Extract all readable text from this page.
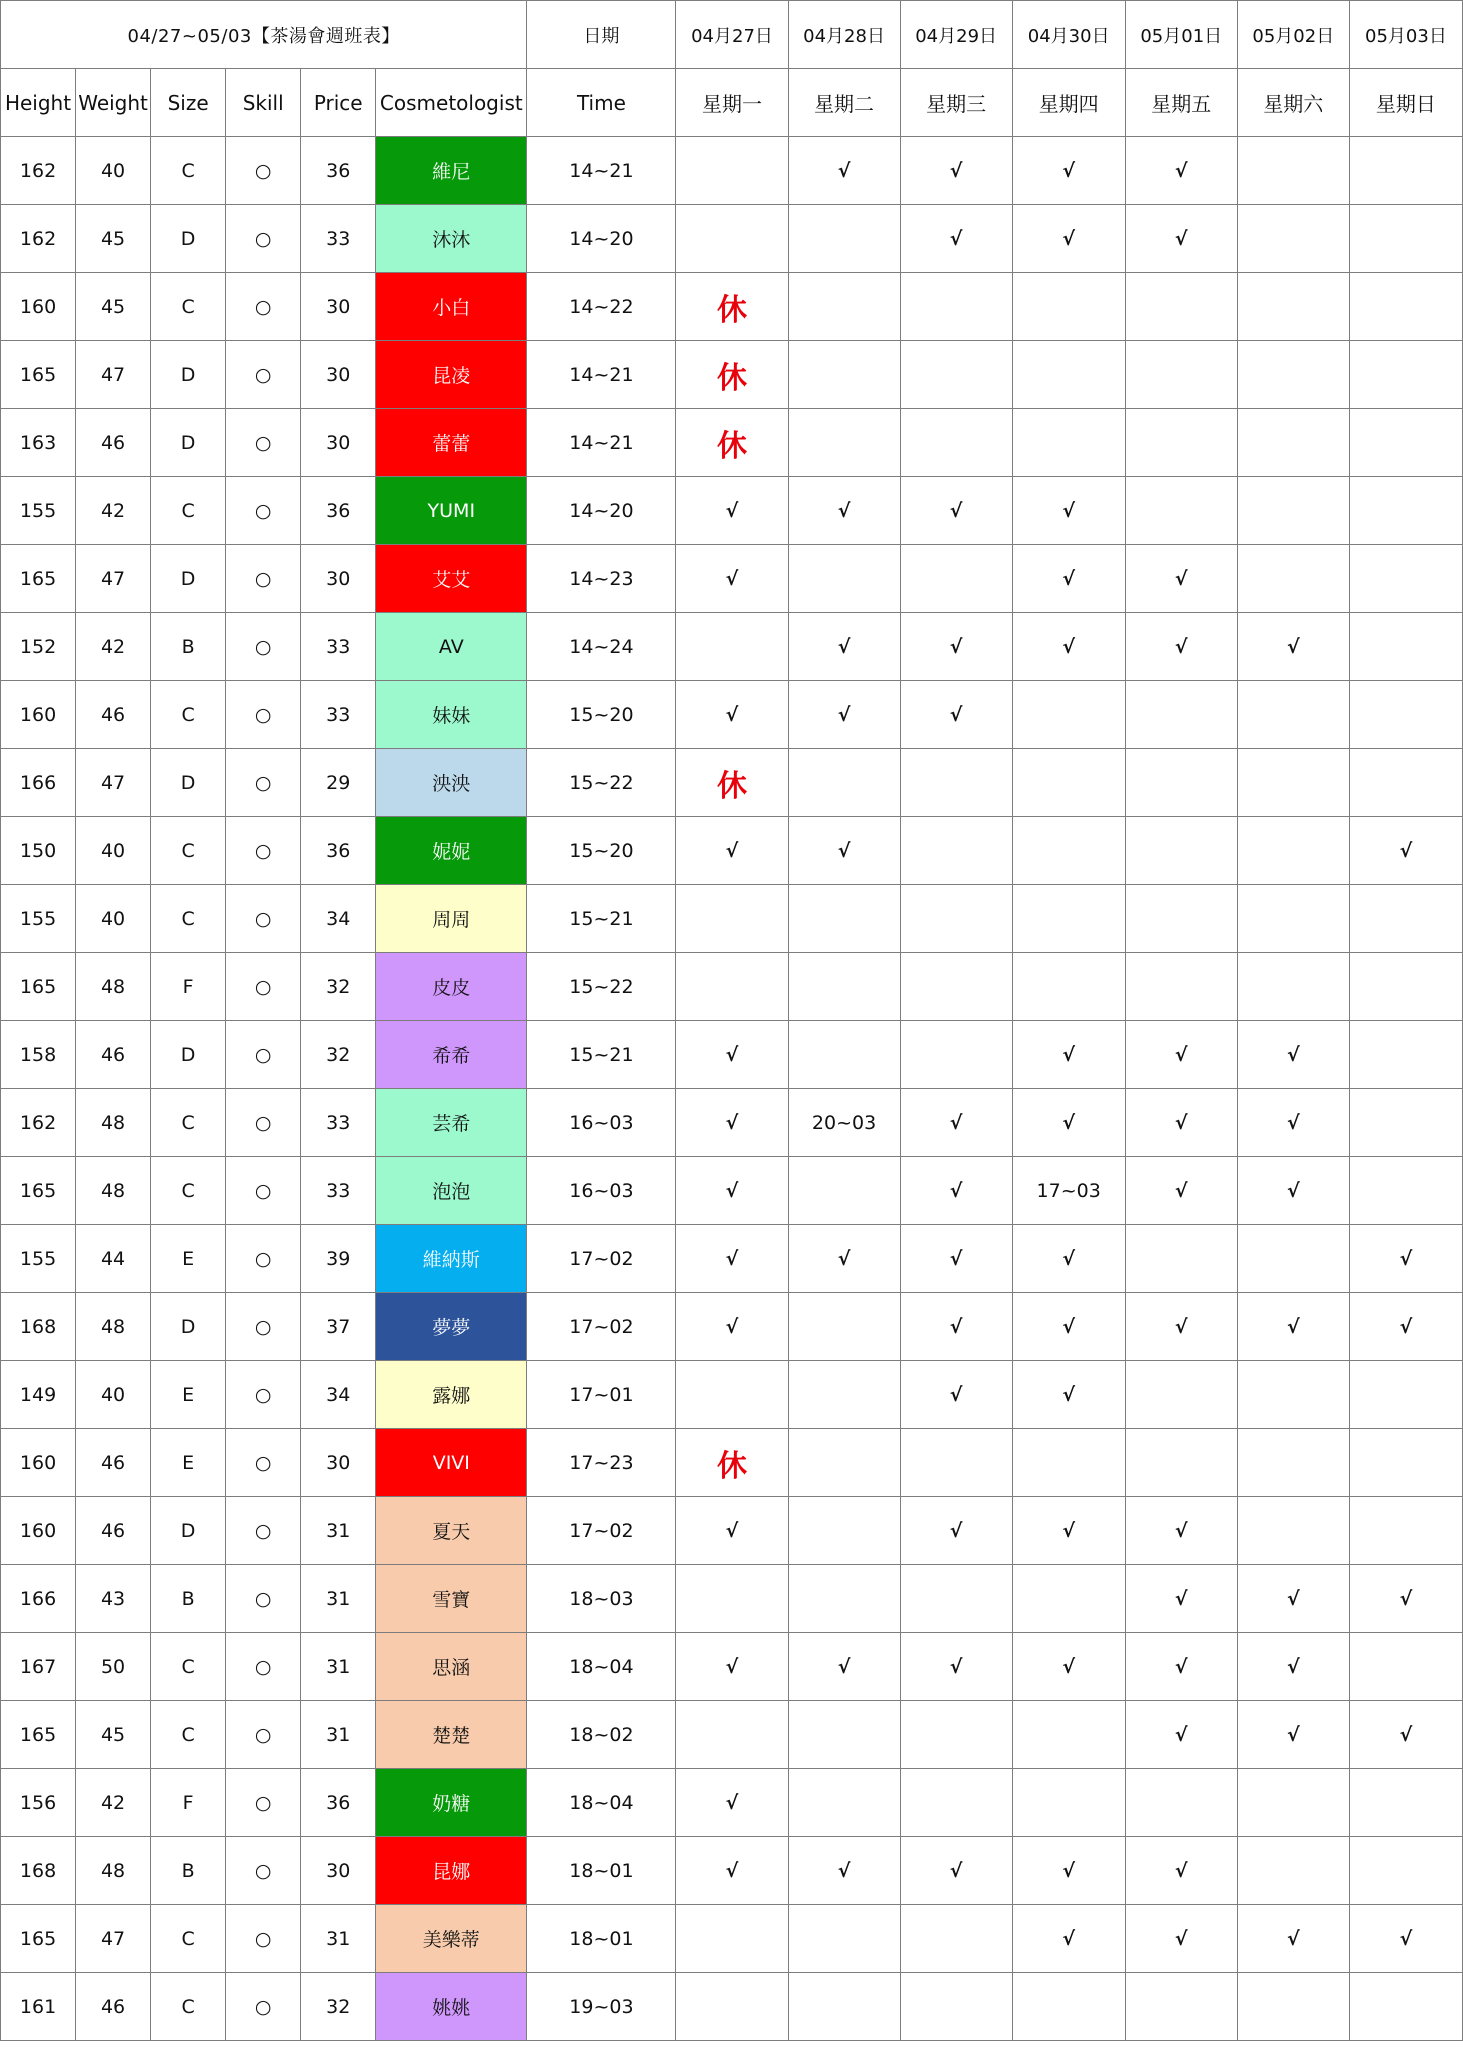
04/27~05/03【茶湯會週班表】						日期	04月27日	04月28日	04月29日	04月30日	05月01日	05月02日	05月03日
Height	Weight	Size	Skill	Price	Cosmetologist	Time	星期一	星期二	星期三	星期四	星期五	星期六	星期日
162	40	C	○	36	維尼	14~21		√	√	√	√		
162	45	D	○	33	沐沐	14~20			√	√	√		
160	45	C	○	30	小白	14~22	休						
165	47	D	○	30	昆凌	14~21	休						
163	46	D	○	30	蕾蕾	14~21	休						
155	42	C	○	36	YUMI	14~20	√	√	√	√			
165	47	D	○	30	艾艾	14~23	√			√	√		
152	42	B	○	33	AV	14~24		√	√	√	√	√	
160	46	C	○	33	妹妹	15~20	√	√	√				
166	47	D	○	29	泱泱	15~22	休						
150	40	C	○	36	妮妮	15~20	√	√					√
155	40	C	○	34	周周	15~21							
165	48	F	○	32	皮皮	15~22							
158	46	D	○	32	希希	15~21	√			√	√	√	
162	48	C	○	33	芸希	16~03	√	20~03	√	√	√	√	
165	48	C	○	33	泡泡	16~03	√		√	17~03	√	√	
155	44	E	○	39	維納斯	17~02	√	√	√	√			√
168	48	D	○	37	夢夢	17~02	√		√	√	√	√	√
149	40	E	○	34	露娜	17~01			√	√			
160	46	E	○	30	VIVI	17~23	休						
160	46	D	○	31	夏天	17~02	√		√	√	√		
166	43	B	○	31	雪寶	18~03					√	√	√
167	50	C	○	31	思涵	18~04	√	√	√	√	√	√	
165	45	C	○	31	楚楚	18~02					√	√	√
156	42	F	○	36	奶糖	18~04	√						
168	48	B	○	30	昆娜	18~01	√	√	√	√	√		
165	47	C	○	31	美樂蒂	18~01				√	√	√	√
161	46	C	○	32	姚姚	19~03							
